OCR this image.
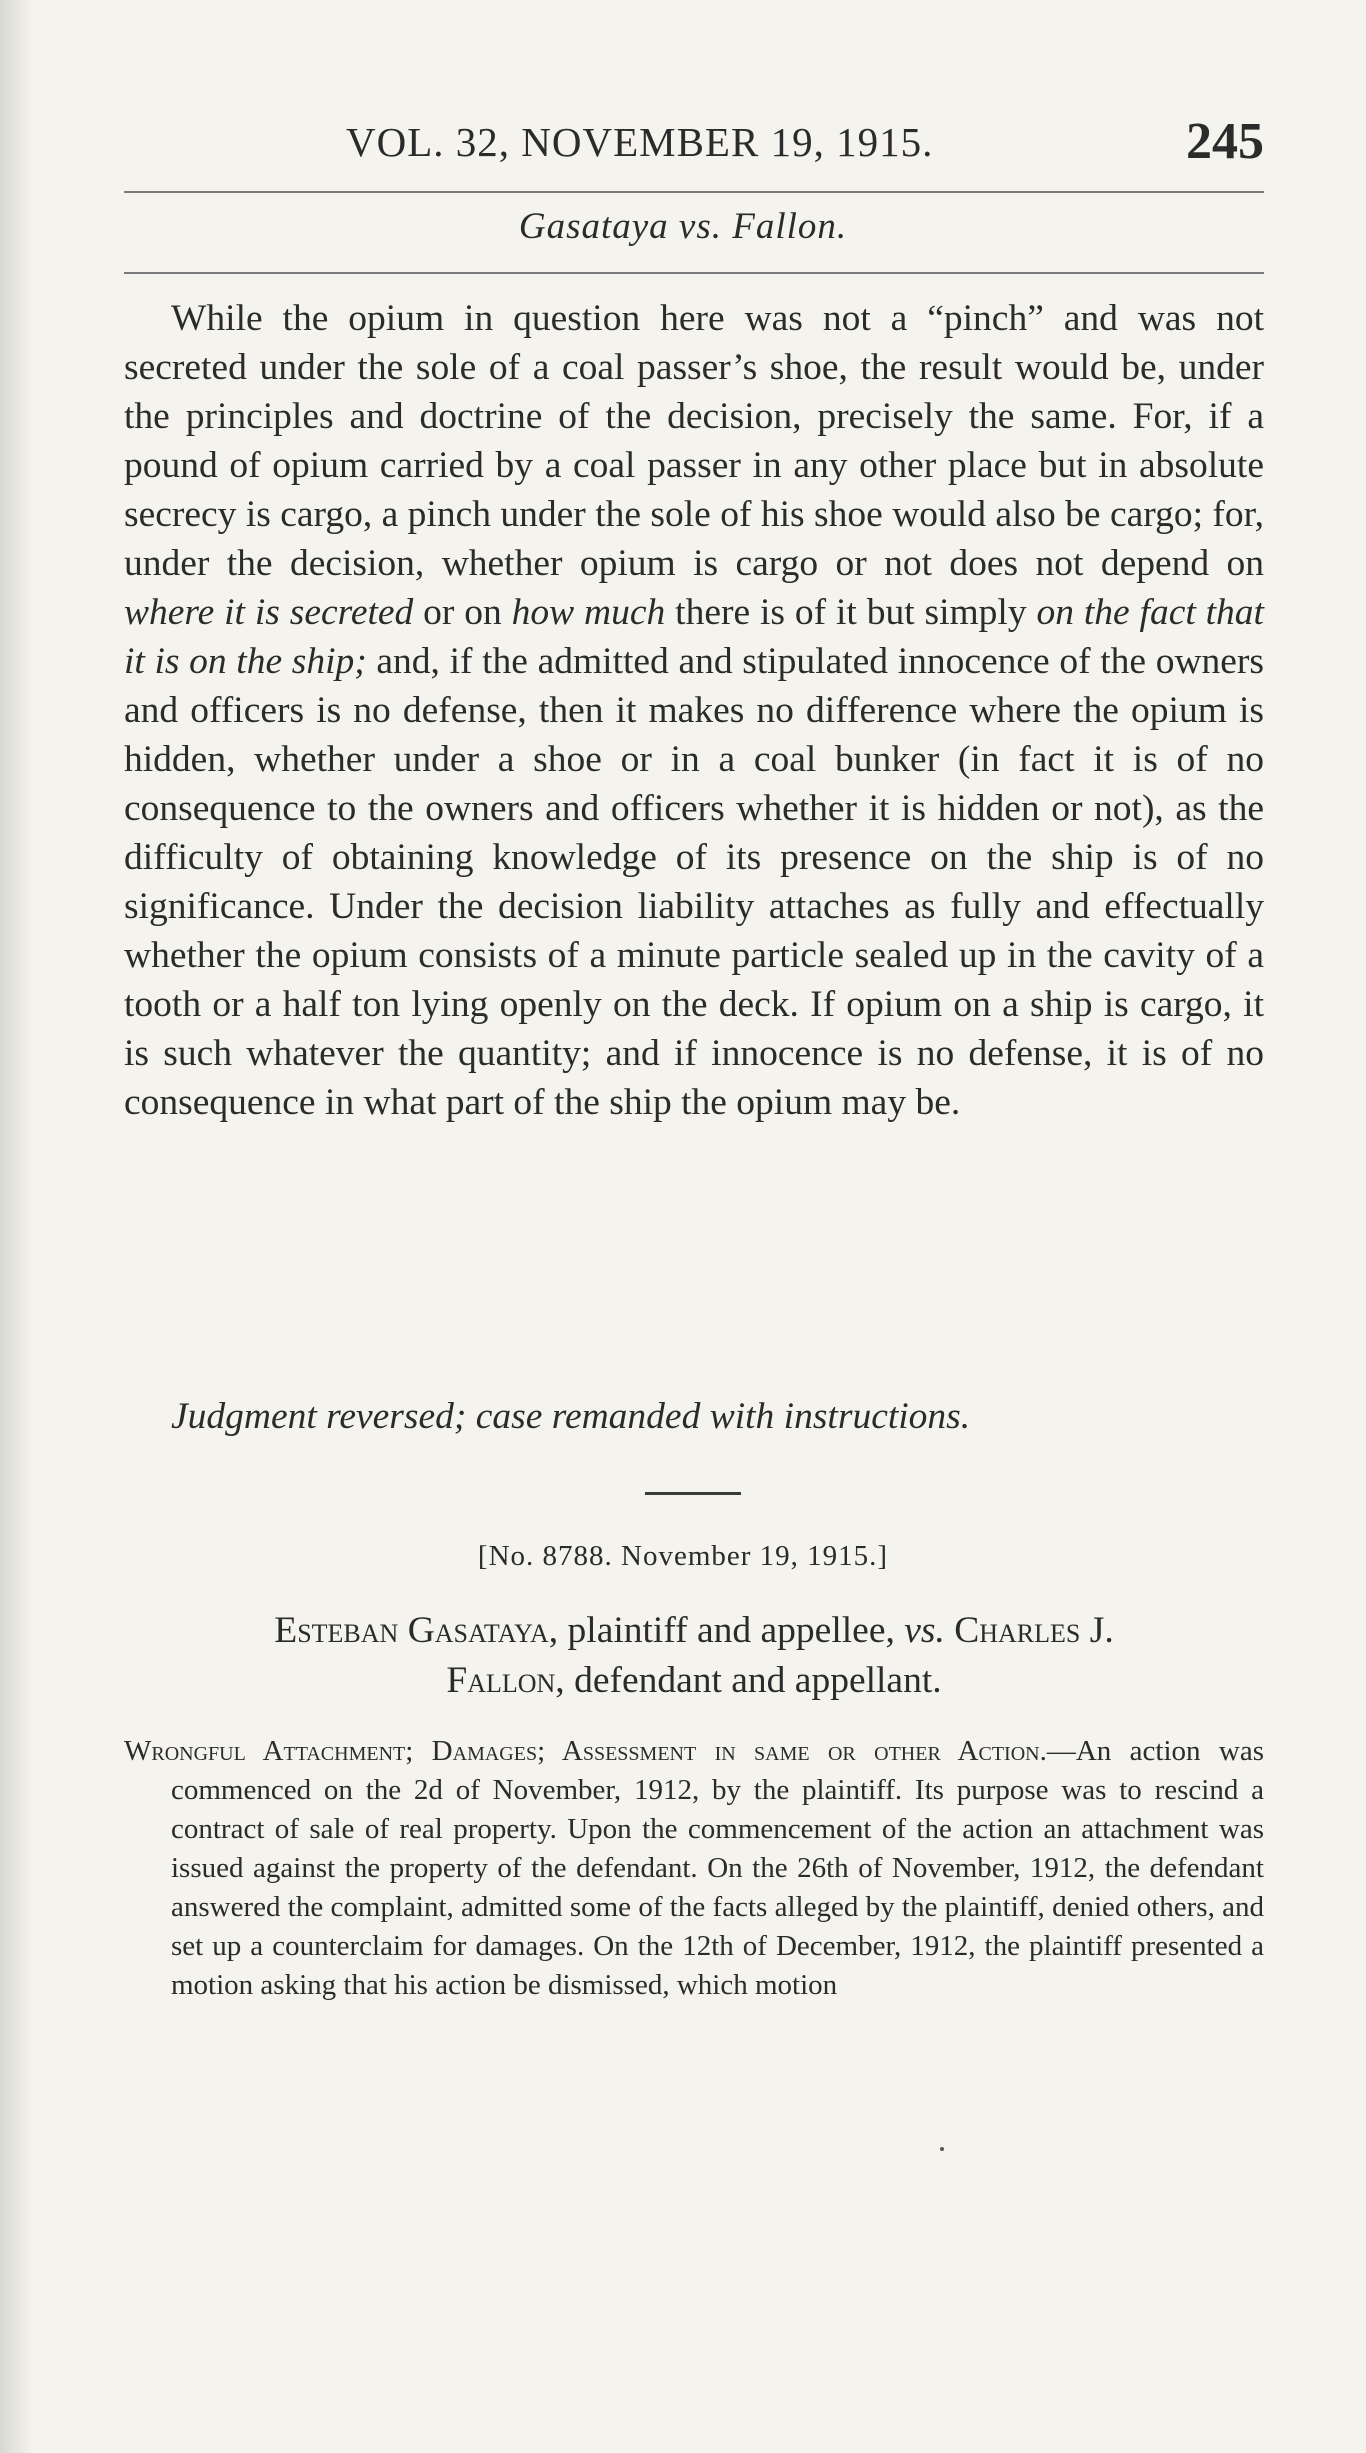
VOL. 32, NOVEMBER 19, 1915.	245
Gasataya vs. Fallon.

While the opium in question here was not a “pinch” and was not secreted under the sole of a coal passer’s shoe, the result would be, under the principles and doctrine of the decision, precisely the same. For, if a pound of opium carried by a coal passer in any other place but in absolute secrecy is cargo, a pinch under the sole of his shoe would also be cargo; for, under the decision, whether opium is cargo or not does not depend on where it is secreted or on how much there is of it but simply on the fact that it is on the ship; and, if the admitted and stipulated innocence of the owners and officers is no defense, then it makes no difference where the opium is hidden, whether under a shoe or in a coal bunker (in fact it is of no consequence to the owners and officers whether it is hidden or not), as the difficulty of obtaining knowledge of its presence on the ship is of no significance. Under the decision liability attaches as fully and effectually whether the opium consists of a minute particle sealed up in the cavity of a tooth or a half ton lying openly on the deck. If opium on a ship is cargo, it is such whatever the quantity; and if innocence is no defense, it is of no consequence in what part of the ship the opium may be.

Judgment reversed; case remanded with instructions.
[No. 8788. November 19, 1915.]
Esteban Gasataya, plaintiff and appellee, vs. Charles J.
Fallon, defendant and appellant.
Wrongful Attachment; Damages; Assessment in same or other Action.—An action was commenced on the 2d of November, 1912, by the plaintiff. Its purpose was to rescind a contract of sale of real property. Upon the commencement of the action an attachment was issued against the property of the defendant. On the 26th of November, 1912, the defendant answered the complaint, admitted some of the facts alleged by the plaintiff, denied others, and set up a counterclaim for damages. On the 12th of December, 1912, the plaintiff presented a motion asking that his action be dismissed, which motion
